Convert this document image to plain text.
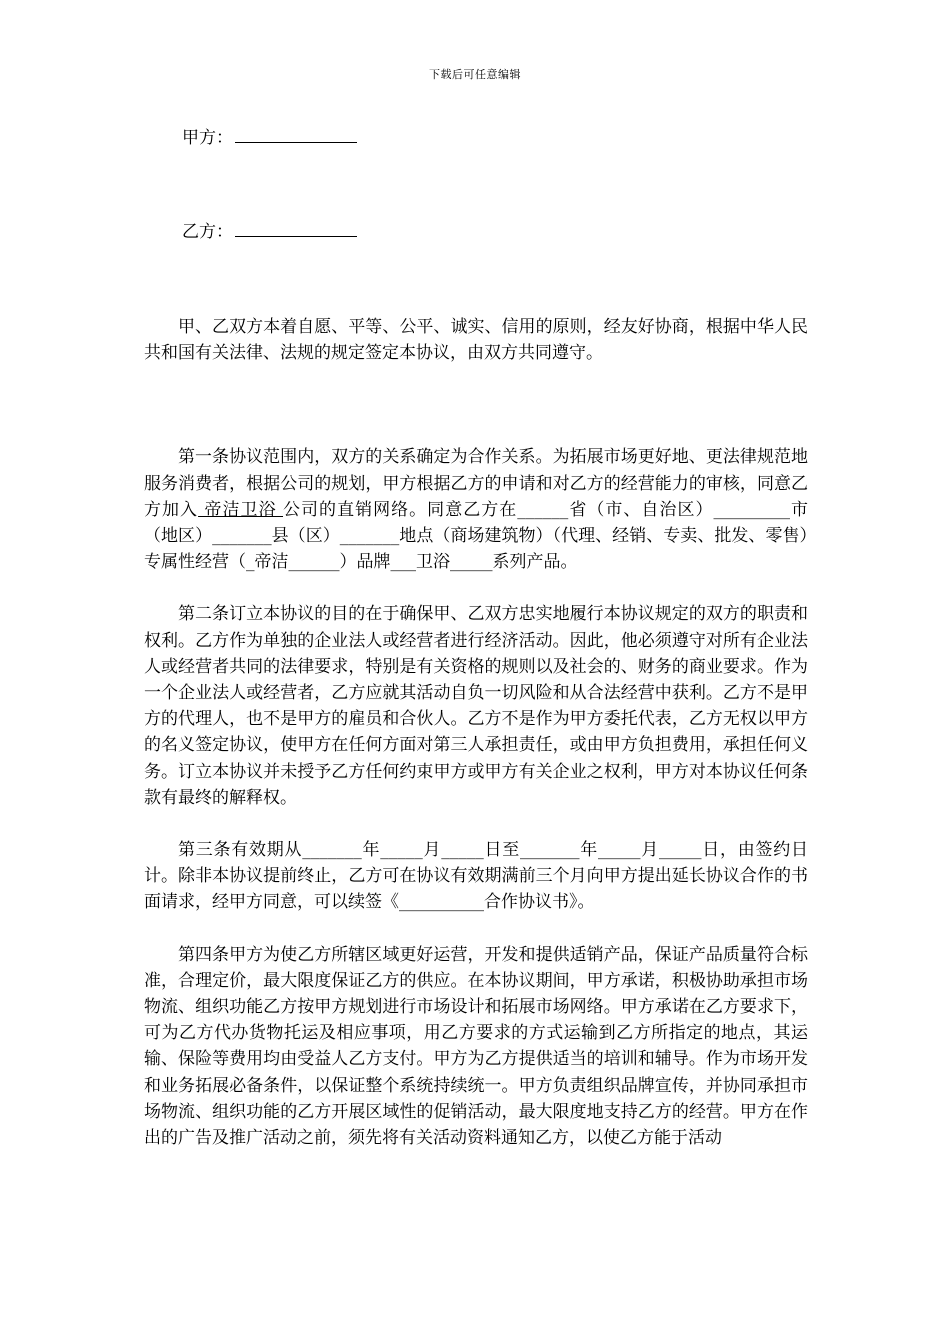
下载后可任意编辑
甲方：
乙方：

甲、乙双方本着自愿、平等、公平、诚实、信用的原则，经友好协商，根据中华人民共和国有关法律、法规的规定签定本协议，由双方共同遵守。

第一条协议范围内，双方的关系确定为合作关系。为拓展市场更好地、更法律规范地服务消费者，根据公司的规划，甲方根据乙方的申请和对乙方的经营能力的审核，同意乙方加入 帝洁卫浴 公司的直销网络。同意乙方在______省（市、自治区）_________市（地区）_______县（区）_______地点（商场建筑物）（代理、经销、专卖、批发、零售）专属性经营（_帝洁______）品牌___卫浴_____系列产品。

第二条订立本协议的目的在于确保甲、乙双方忠实地履行本协议规定的双方的职责和权利。乙方作为单独的企业法人或经营者进行经济活动。因此，他必须遵守对所有企业法人或经营者共同的法律要求，特别是有关资格的规则以及社会的、财务的商业要求。作为一个企业法人或经营者，乙方应就其活动自负一切风险和从合法经营中获利。乙方不是甲方的代理人，也不是甲方的雇员和合伙人。乙方不是作为甲方委托代表，乙方无权以甲方的名义签定协议，使甲方在任何方面对第三人承担责任，或由甲方负担费用，承担任何义务。订立本协议并未授予乙方任何约束甲方或甲方有关企业之权利，甲方对本协议任何条款有最终的解释权。

第三条有效期从_______年_____月_____日至_______年_____月_____日，由签约日计。除非本协议提前终止，乙方可在协议有效期满前三个月向甲方提出延长协议合作的书面请求，经甲方同意，可以续签《__________合作协议书》。

第四条甲方为使乙方所辖区域更好运营，开发和提供适销产品，保证产品质量符合标准，合理定价，最大限度保证乙方的供应。在本协议期间，甲方承诺，积极协助承担市场物流、组织功能乙方按甲方规划进行市场设计和拓展市场网络。甲方承诺在乙方要求下，可为乙方代办货物托运及相应事项，用乙方要求的方式运输到乙方所指定的地点，其运输、保险等费用均由受益人乙方支付。甲方为乙方提供适当的培训和辅导。作为市场开发和业务拓展必备条件，以保证整个系统持续统一。甲方负责组织品牌宣传，并协同承担市场物流、组织功能的乙方开展区域性的促销活动，最大限度地支持乙方的经营。甲方在作出的广告及推广活动之前，须先将有关活动资料通知乙方，以使乙方能于活动
